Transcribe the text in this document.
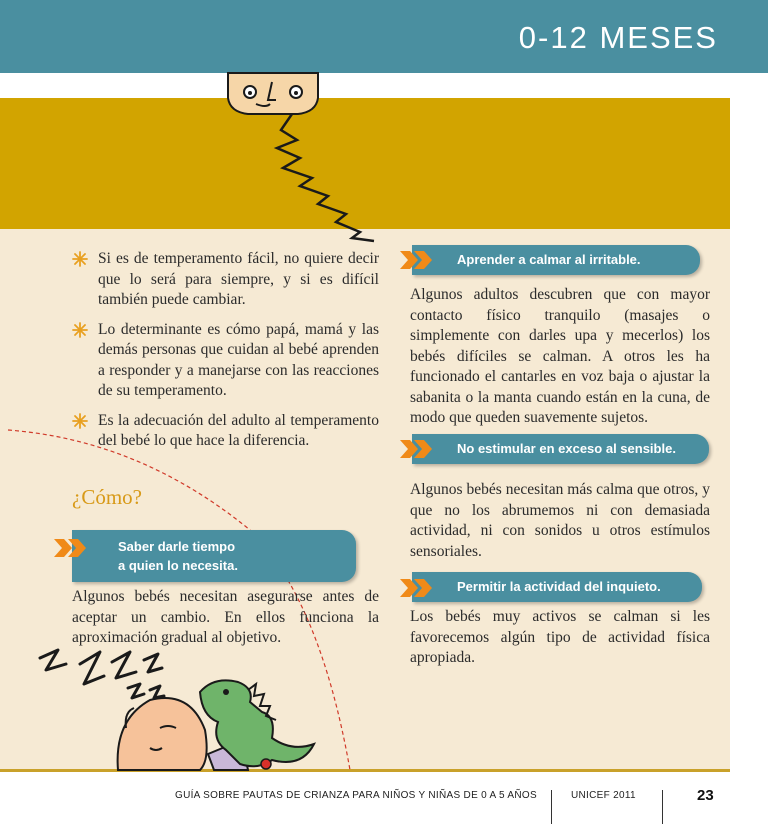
0-12 MESES
Si es de temperamento fácil, no quiere decir que lo será para siempre, y si es difícil también puede cambiar.
Lo determinante es cómo papá, mamá y las demás personas que cuidan al bebé aprenden a responder y a manejarse con las reacciones de su temperamento.
Es la adecuación del adulto al temperamento del bebé lo que hace la diferencia.
¿Cómo?
Saber darle tiempo
a quien lo necesita.

Algunos bebés necesitan asegurarse antes de aceptar un cambio. En ellos funciona la aproximación gradual al objetivo.

Aprender a calmar al irritable.

Algunos adultos descubren que con mayor contacto físico tranquilo (masajes o simplemente con darles upa y mecerlos) los bebés difíciles se calman. A otros les ha funcionado el cantarles en voz baja o ajustar la sabanita o la manta cuando están en la cuna, de modo que queden suavemente sujetos.

No estimular en exceso al sensible.

Algunos bebés necesitan más calma que otros, y que no los abrumemos ni con demasiada actividad, ni con sonidos u otros estímulos sensoriales.

Permitir la actividad del inquieto.

Los bebés muy activos se calman si les favorecemos algún tipo de actividad física apropiada.

GUÍA SOBRE PAUTAS DE CRIANZA PARA NIÑOS Y NIÑAS DE 0 A 5 AÑOS	UNICEF 2011	23
